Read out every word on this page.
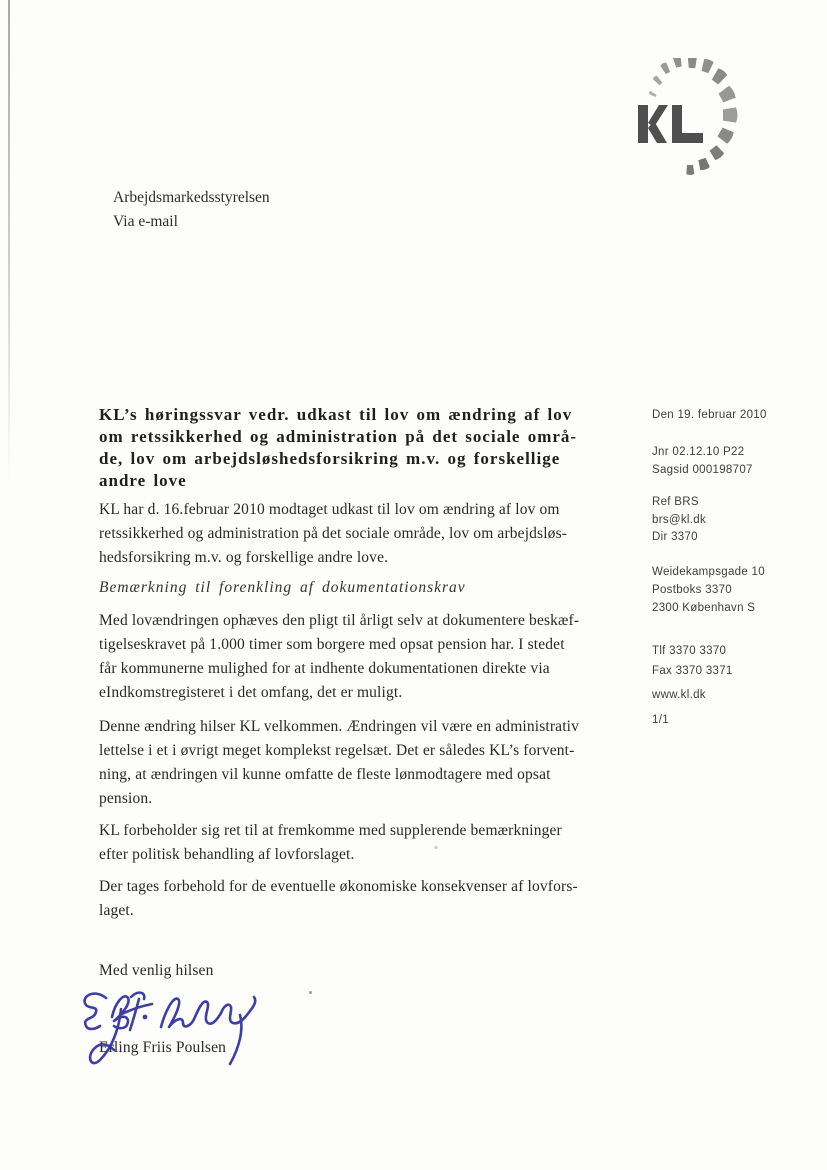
Arbejdsmarkedsstyrelsen
Via e-mail
KL’s høringssvar vedr. udkast til lov om ændring af lov
om retssikkerhed og administration på det sociale områ-
de, lov om arbejdsløshedsforsikring m.v. og forskellige
andre love

KL har d. 16.februar 2010 modtaget udkast til lov om ændring af lov om
retssikkerhed og administration på det sociale område, lov om arbejdsløs-
hedsforsikring m.v. og forskellige andre love.

Bemærkning til forenkling af dokumentationskrav

Med lovændringen ophæves den pligt til årligt selv at dokumentere beskæf-
tigelseskravet på 1.000 timer som borgere med opsat pension har. I stedet
får kommunerne mulighed for at indhente dokumentationen direkte via
eIndkomstregisteret i det omfang, det er muligt.

Denne ændring hilser KL velkommen. Ændringen vil være en administrativ
lettelse i et i øvrigt meget komplekst regelsæt. Det er således KL’s forvent-
ning, at ændringen vil kunne omfatte de fleste lønmodtagere med opsat
pension.

KL forbeholder sig ret til at fremkomme med supplerende bemærkninger
efter politisk behandling af lovforslaget.

Der tages forbehold for de eventuelle økonomiske konsekvenser af lovfors-
laget.

Med venlig hilsen

Erling Friis Poulsen

Den 19. februar 2010
Jnr 02.12.10 P22
Sagsid 000198707
Ref BRS
brs@kl.dk
Dir 3370
Weidekampsgade 10
Postboks 3370
2300 København S
Tlf 3370 3370
Fax 3370 3371
www.kl.dk
1/1
